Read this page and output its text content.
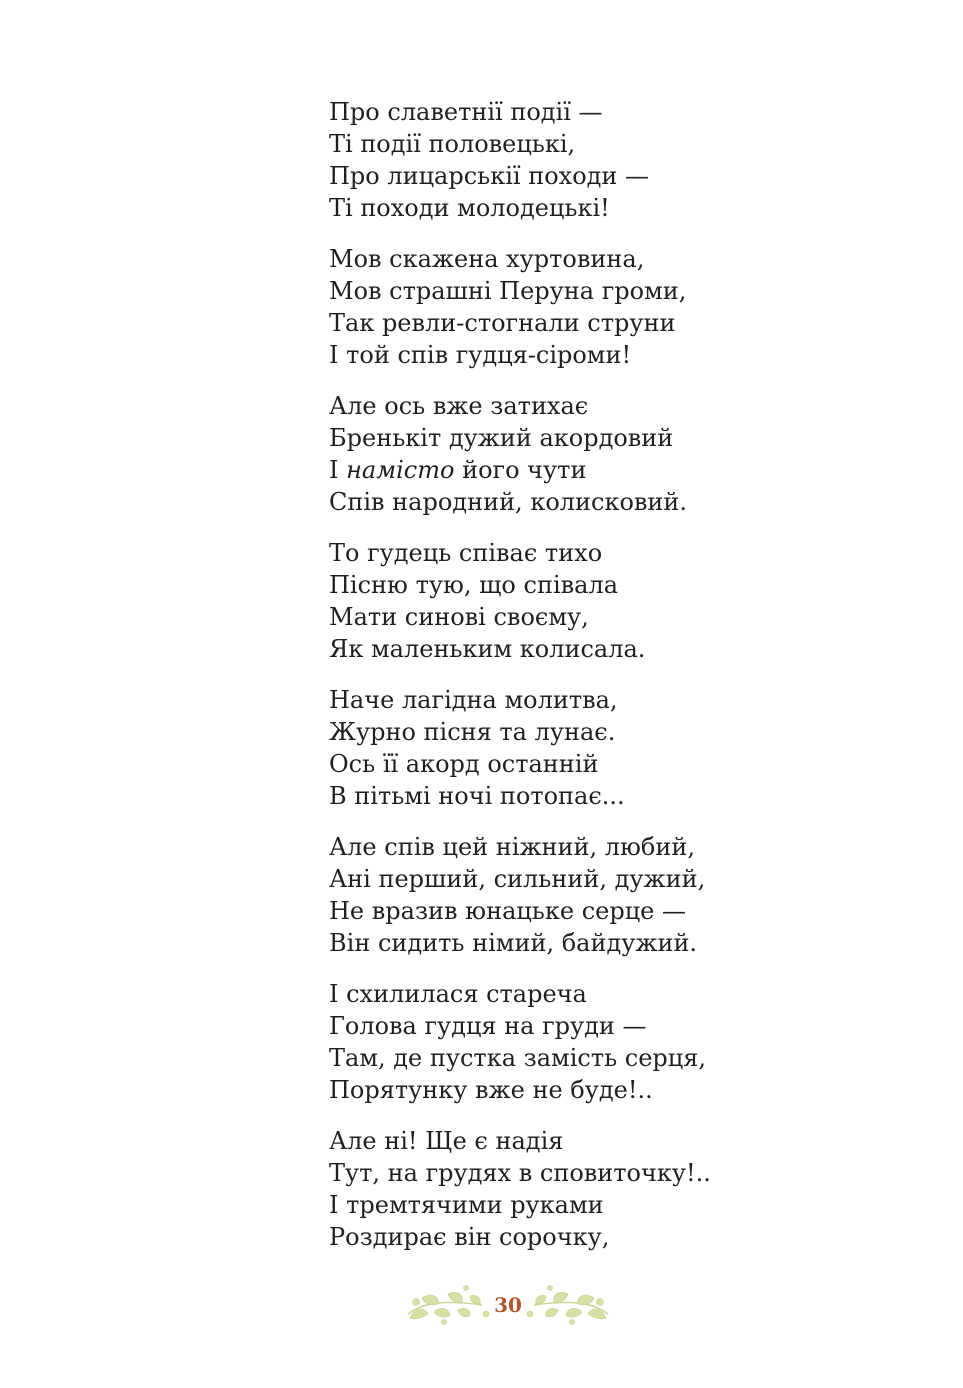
Про славетнії події —
Ті події половецькі,
Про лицарськії походи —
Ті походи молодецькі!
Мов скажена хуртовина,
Мов страшні Перуна громи,
Так ревли-стогнали струни
І той спів гудця-сіроми!
Але ось вже затихає
Бренькіт дужий акордовий
І намісто його чути
Спів народний, колисковий.
То гудець співає тихо
Пісню тую, що співала
Мати синові своєму,
Як маленьким колисала.
Наче лагідна молитва,
Журно пісня та лунає.
Ось її акорд останній
В пітьмі ночі потопає...
Але спів цей ніжний, любий,
Ані перший, сильний, дужий,
Не вразив юнацьке серце —
Він сидить німий, байдужий.
І схилилася стареча
Голова гудця на груди —
Там, де пустка замість серця,
Порятунку вже не буде!..
Але ні! Ще є надія
Тут, на грудях в сповиточку!..
І тремтячими руками
Роздирає він сорочку,
30
